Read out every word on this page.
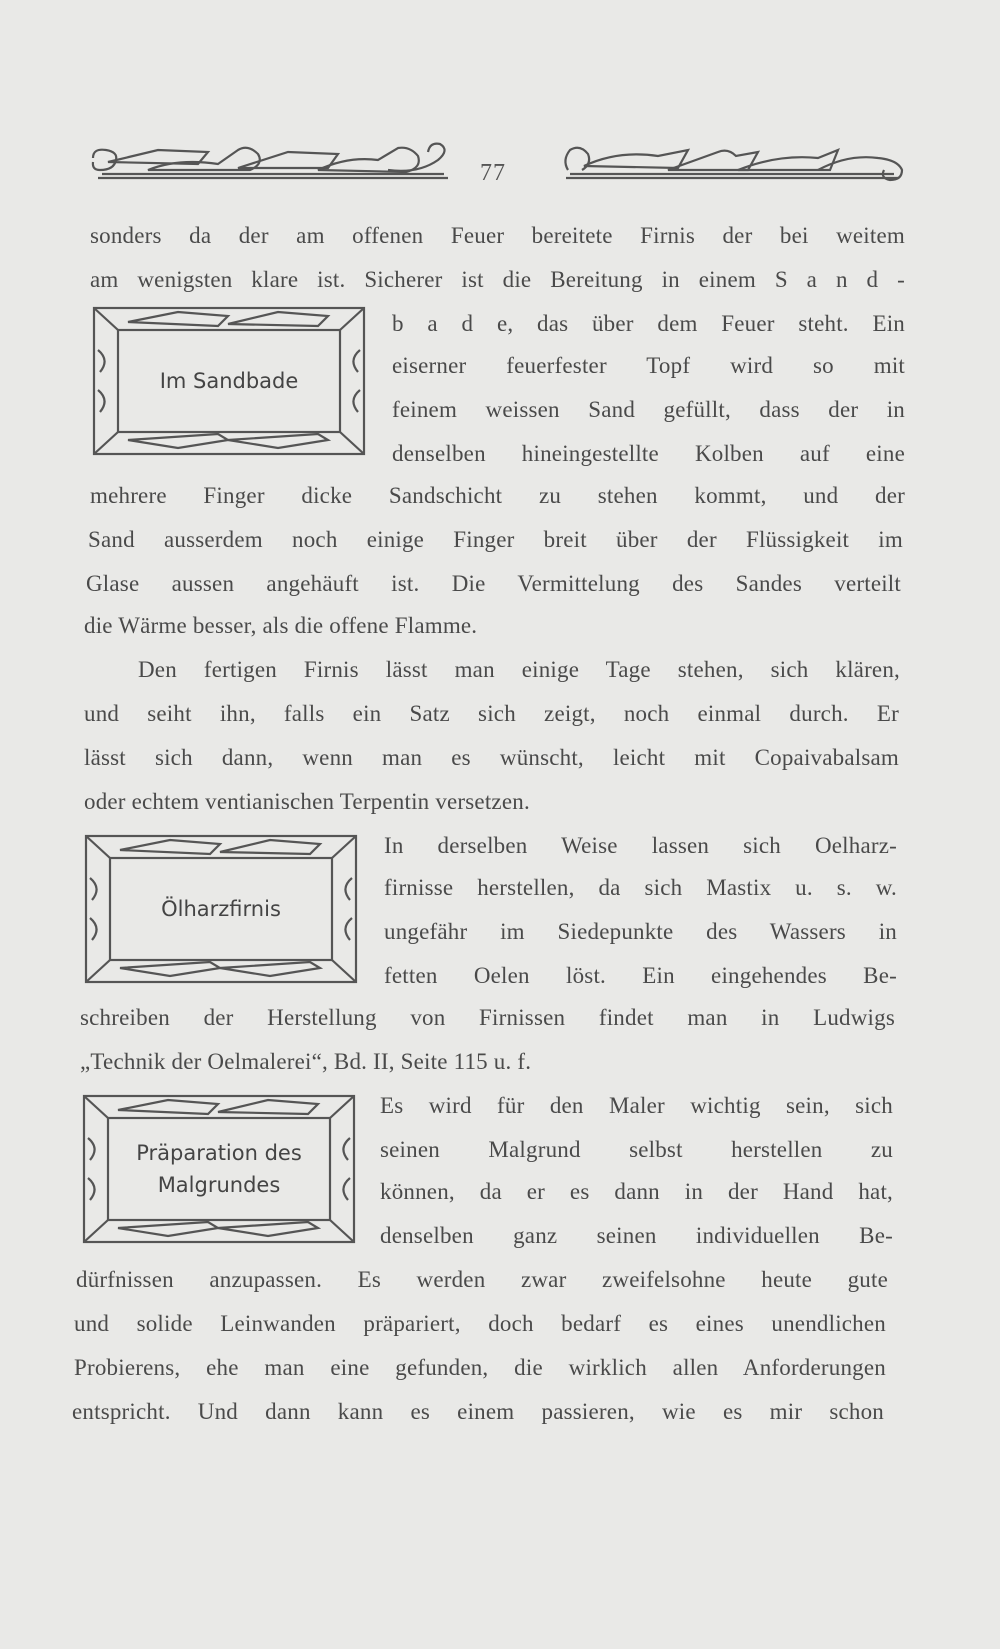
77
Im Sandbade
Ölharzfirnis
Präparation des
Malgrundes
sonders da der am offenen Feuer bereitete Firnis der bei weitem
am wenigsten klare ist. Sicherer ist die Bereitung in einem S a n d -
b a d e, das über dem Feuer steht. Ein
eiserner feuerfester Topf wird so mit
feinem weissen Sand gefüllt, dass der in
denselben hineingestellte Kolben auf eine
mehrere Finger dicke Sandschicht zu stehen kommt, und der
Sand ausserdem noch einige Finger breit über der Flüssigkeit im
Glase aussen angehäuft ist. Die Vermittelung des Sandes verteilt
die Wärme besser, als die offene Flamme.
Den fertigen Firnis lässt man einige Tage stehen, sich klären,
und seiht ihn, falls ein Satz sich zeigt, noch einmal durch. Er
lässt sich dann, wenn man es wünscht, leicht mit Copaivabalsam
oder echtem ventianischen Terpentin versetzen.
In derselben Weise lassen sich Oelharz-
firnisse herstellen, da sich Mastix u. s. w.
ungefähr im Siedepunkte des Wassers in
fetten Oelen löst. Ein eingehendes Be-
schreiben der Herstellung von Firnissen findet man in Ludwigs
„Technik der Oelmalerei“, Bd. II, Seite 115 u. f.
Es wird für den Maler wichtig sein, sich
seinen Malgrund selbst herstellen zu
können, da er es dann in der Hand hat,
denselben ganz seinen individuellen Be-
dürfnissen anzupassen. Es werden zwar zweifelsohne heute gute
und solide Leinwanden präpariert, doch bedarf es eines unendlichen
Probierens, ehe man eine gefunden, die wirklich allen Anforderungen
entspricht. Und dann kann es einem passieren, wie es mir schon
